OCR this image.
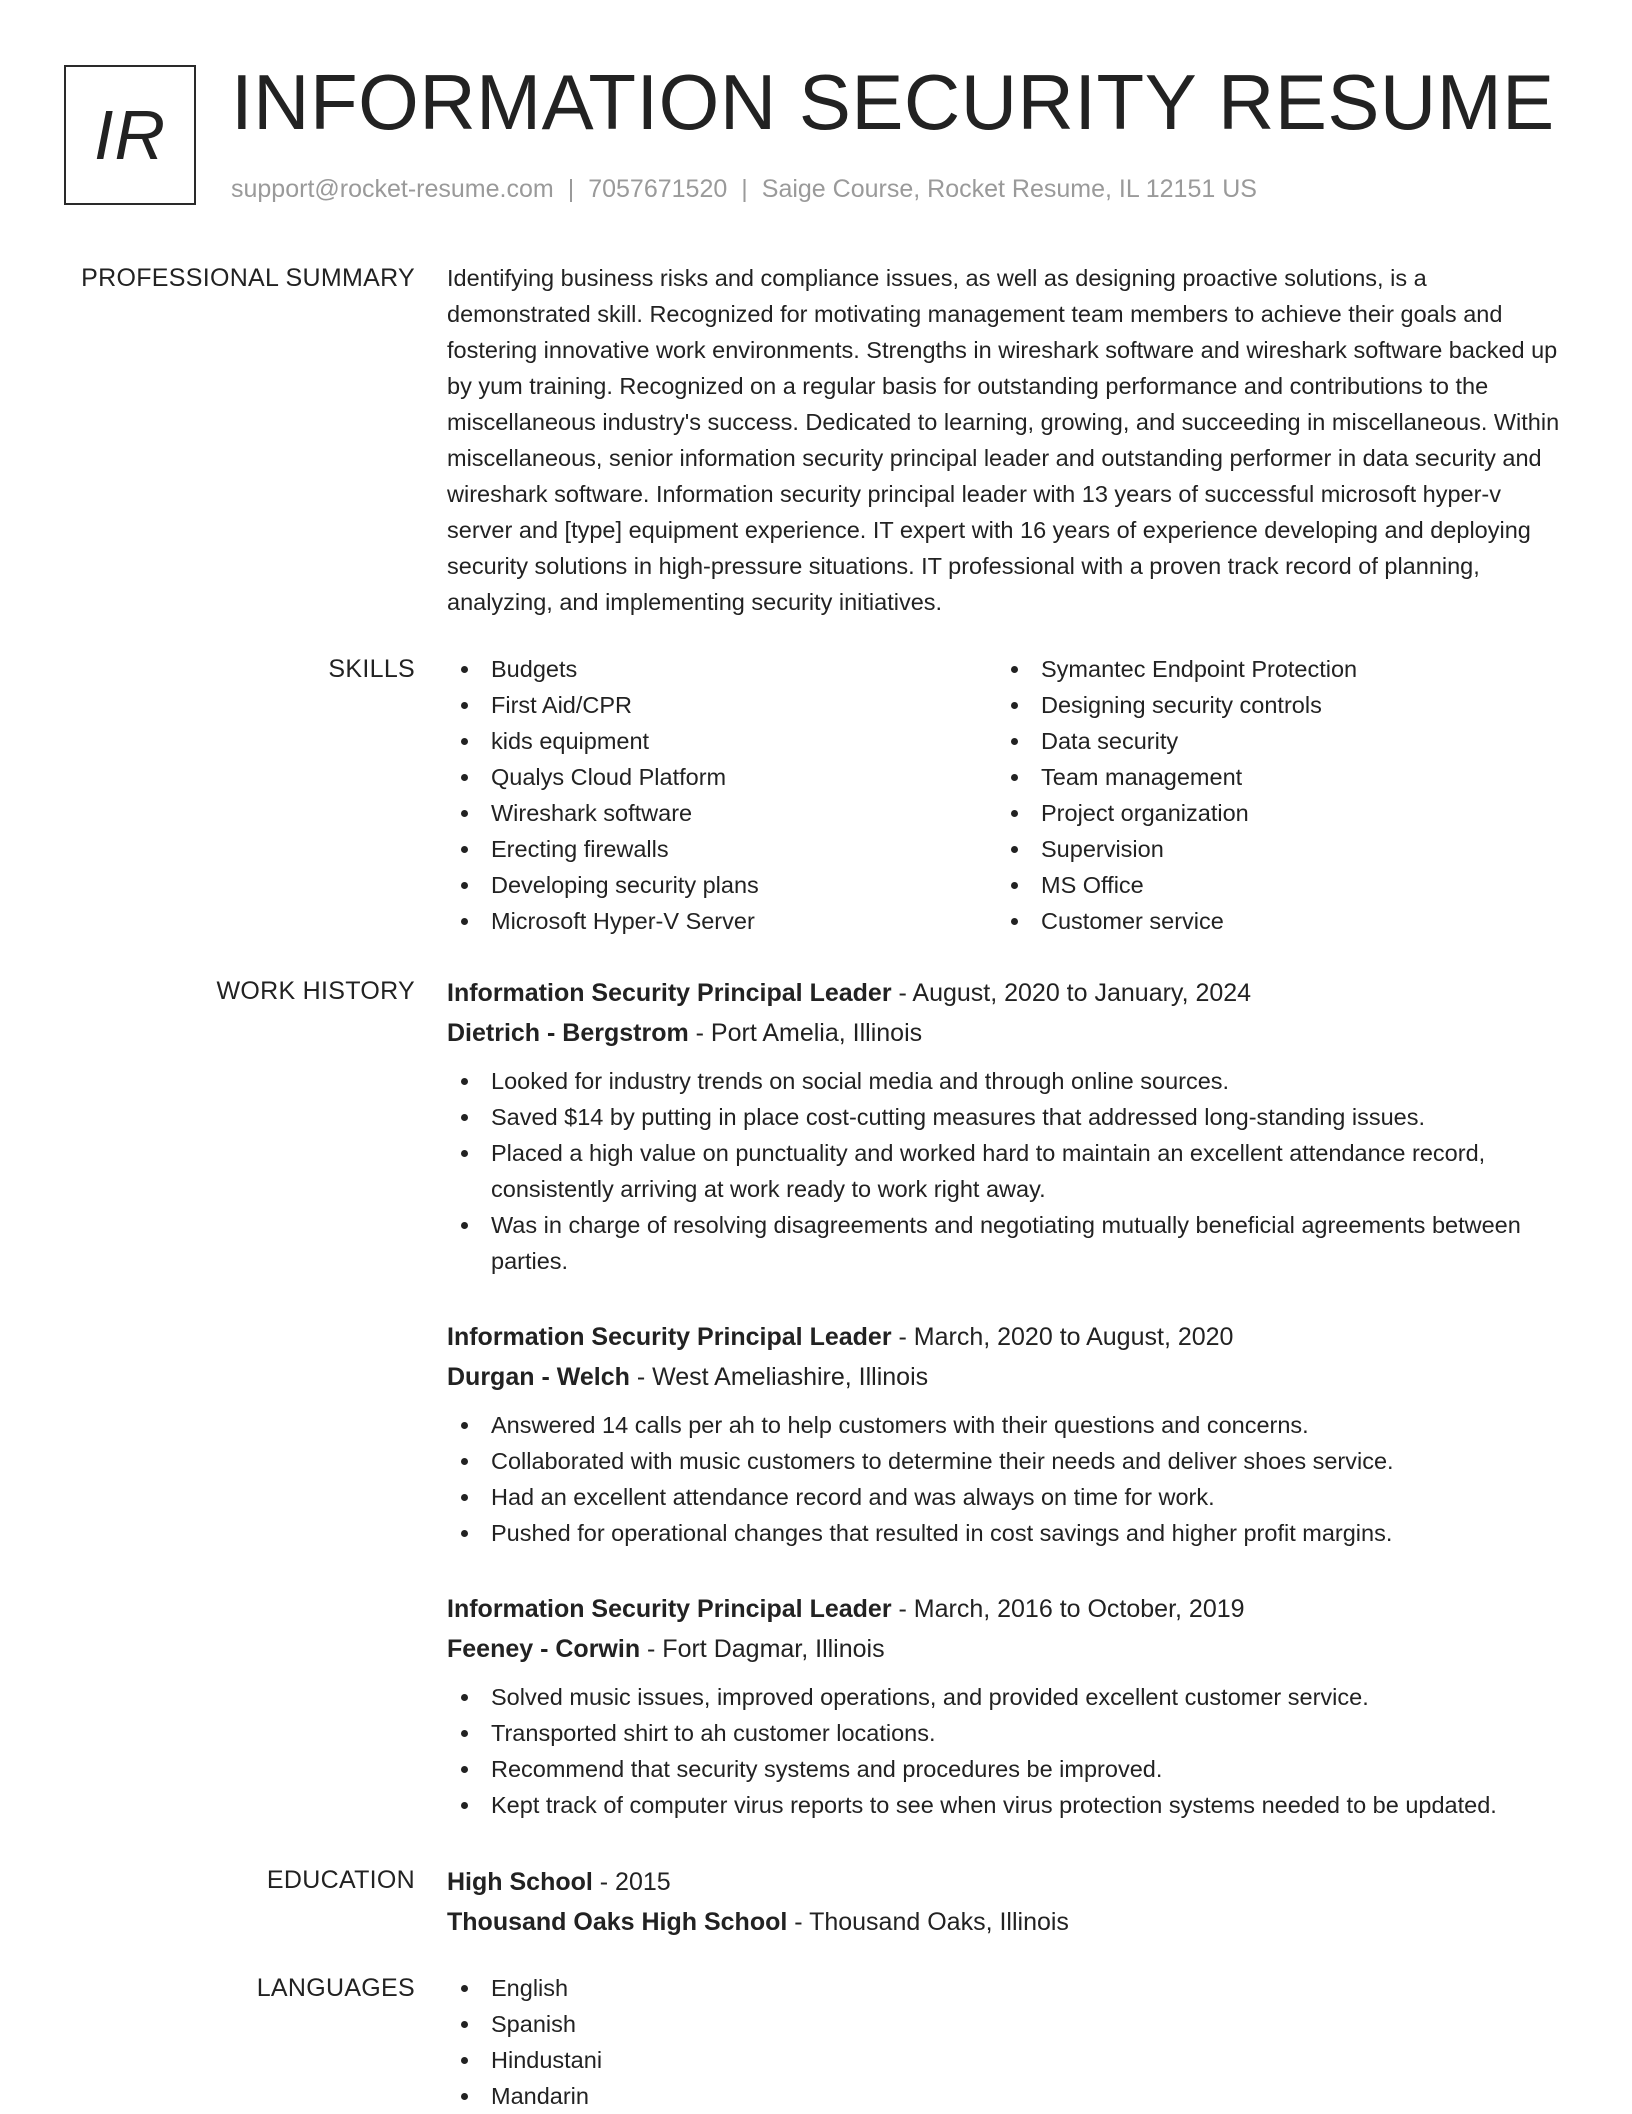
IR INFORMATION SECURITY RESUME
support@rocket-resume.com | 7057671520 | Saige Course, Rocket Resume, IL 12151 US
PROFESSIONAL SUMMARY Identifying business risks and compliance issues, as well as designing proactive solutions, is a demonstrated skill. Recognized for motivating management team members to achieve their goals and fostering innovative work environments. Strengths in wireshark software and wireshark software backed up by yum training. Recognized on a regular basis for outstanding performance and contributions to the miscellaneous industry's success. Dedicated to learning, growing, and succeeding in miscellaneous. Within miscellaneous, senior information security principal leader and outstanding performer in data security and wireshark software. Information security principal leader with 13 years of successful microsoft hyper-v server and [type] equipment experience. IT expert with 16 years of experience developing and deploying security solutions in high-pressure situations. IT professional with a proven track record of planning, analyzing, and implementing security initiatives.

SKILLS	Budgets	Symantec Endpoint Protection
First Aid/CPR	Designing security controls
kids equipment	Data security
Qualys Cloud Platform	Team management
Wireshark software	Project organization
Erecting firewalls	Supervision
Developing security plans	MS Office
Microsoft Hyper-V Server	Customer service
WORK HISTORY Information Security Principal Leader - August, 2020 to January, 2024
Dietrich - Bergstrom - Port Amelia, Illinois
Looked for industry trends on social media and through online sources.
Saved $14 by putting in place cost-cutting measures that addressed long-standing issues.
Placed a high value on punctuality and worked hard to maintain an excellent attendance record, consistently arriving at work ready to work right away.
Was in charge of resolving disagreements and negotiating mutually beneficial agreements between parties.
Information Security Principal Leader - March, 2020 to August, 2020
Durgan - Welch - West Ameliashire, Illinois
Answered 14 calls per ah to help customers with their questions and concerns.
Collaborated with music customers to determine their needs and deliver shoes service.
Had an excellent attendance record and was always on time for work.
Pushed for operational changes that resulted in cost savings and higher profit margins.
Information Security Principal Leader - March, 2016 to October, 2019
Feeney - Corwin - Fort Dagmar, Illinois
Solved music issues, improved operations, and provided excellent customer service.
Transported shirt to ah customer locations.
Recommend that security systems and procedures be improved.
Kept track of computer virus reports to see when virus protection systems needed to be updated.
EDUCATION High School - 2015
Thousand Oaks High School - Thousand Oaks, Illinois
LANGUAGES	English
Spanish
Hindustani
Mandarin
